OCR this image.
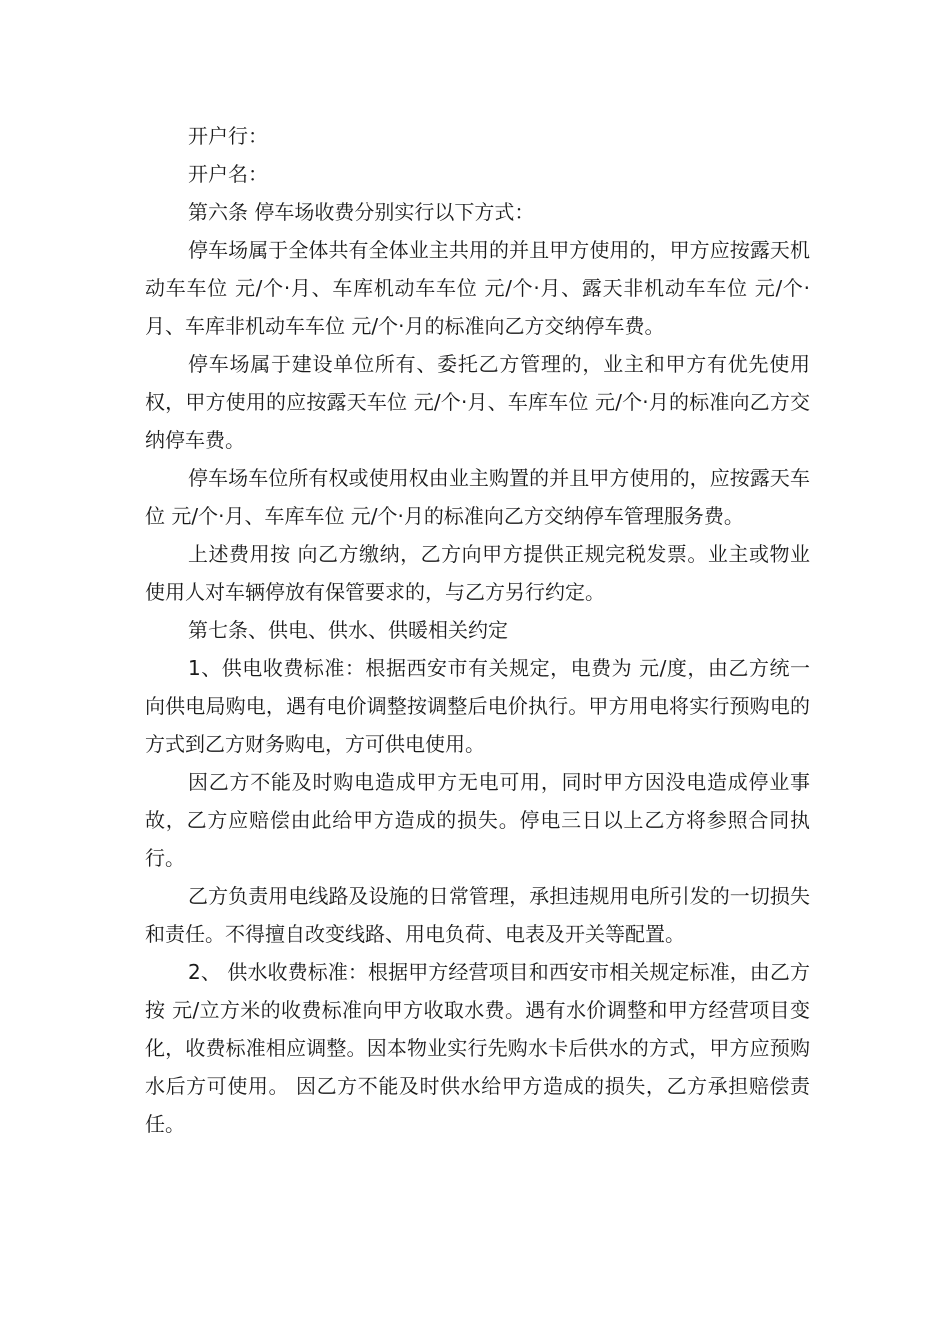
开户行：

开户名：

第六条 停车场收费分别实行以下方式：

停车场属于全体共有全体业主共用的并且甲方使用的，甲方应按露天机动车车位 元/个·月、车库机动车车位 元/个·月、露天非机动车车位 元/个·月、车库非机动车车位 元/个·月的标准向乙方交纳停车费。

停车场属于建设单位所有、委托乙方管理的，业主和甲方有优先使用权，甲方使用的应按露天车位 元/个·月、车库车位 元/个·月的标准向乙方交纳停车费。

停车场车位所有权或使用权由业主购置的并且甲方使用的，应按露天车位 元/个·月、车库车位 元/个·月的标准向乙方交纳停车管理服务费。

上述费用按 向乙方缴纳，乙方向甲方提供正规完税发票。业主或物业使用人对车辆停放有保管要求的，与乙方另行约定。

第七条、供电、供水、供暖相关约定

1、供电收费标准：根据西安市有关规定，电费为 元/度，由乙方统一向供电局购电，遇有电价调整按调整后电价执行。甲方用电将实行预购电的方式到乙方财务购电，方可供电使用。

因乙方不能及时购电造成甲方无电可用，同时甲方因没电造成停业事故，乙方应赔偿由此给甲方造成的损失。停电三日以上乙方将参照合同执行。

乙方负责用电线路及设施的日常管理，承担违规用电所引发的一切损失和责任。不得擅自改变线路、用电负荷、电表及开关等配置。

2、 供水收费标准：根据甲方经营项目和西安市相关规定标准，由乙方按 元/立方米的收费标准向甲方收取水费。遇有水价调整和甲方经营项目变化，收费标准相应调整。因本物业实行先购水卡后供水的方式，甲方应预购水后方可使用。 因乙方不能及时供水给甲方造成的损失，乙方承担赔偿责任。
